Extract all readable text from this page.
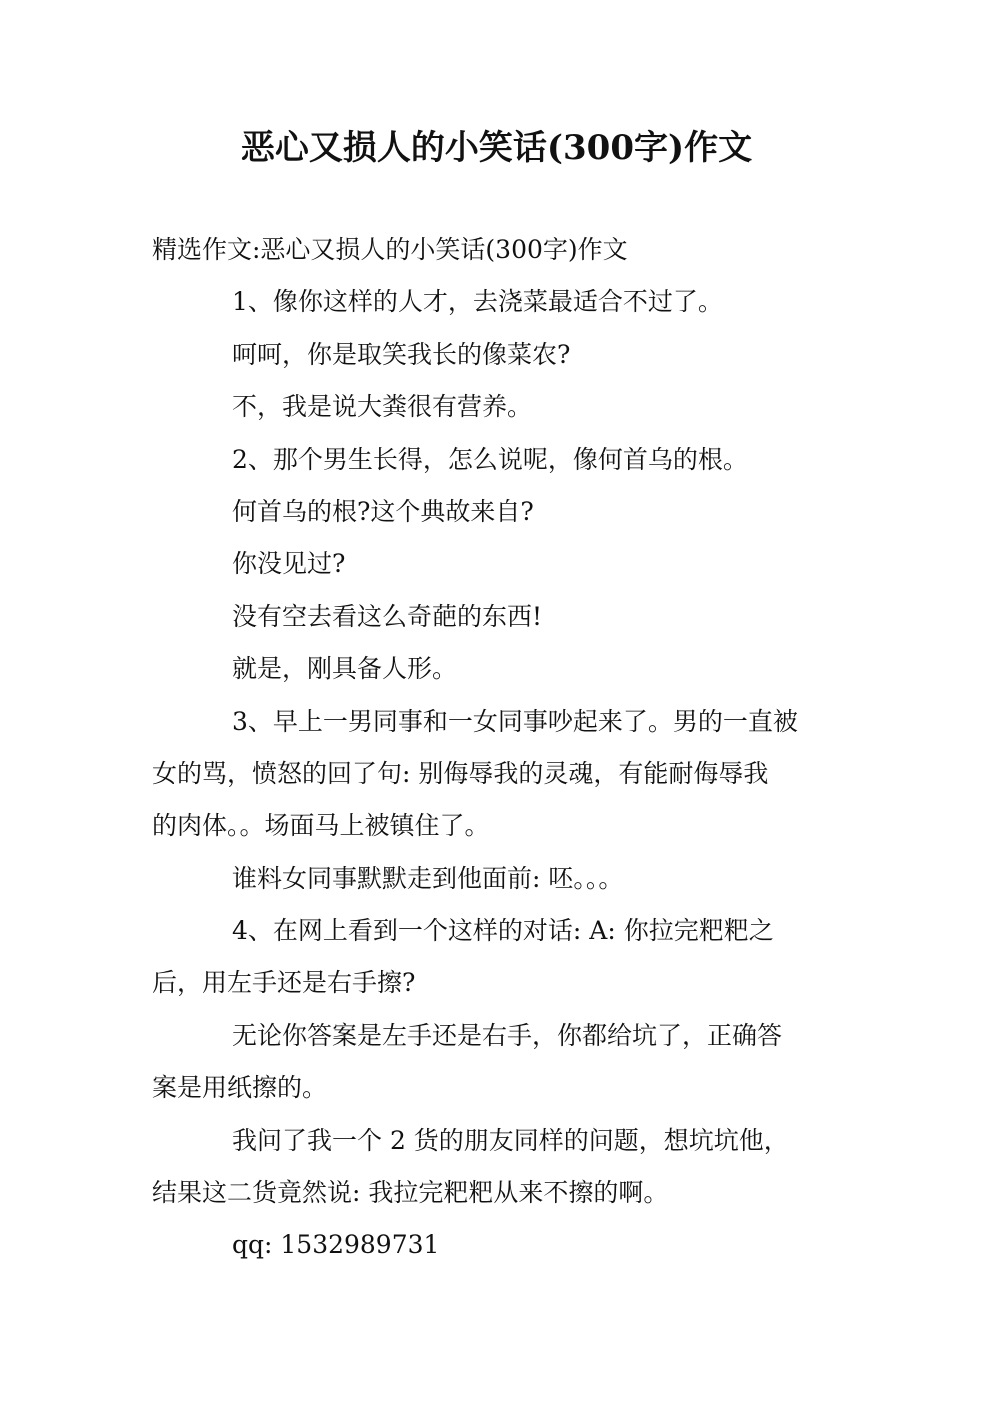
恶心又损人的小笑话(300字)作文
精选作文:恶心又损人的小笑话(300字)作文
1、像你这样的人才，去浇菜最适合不过了。
呵呵，你是取笑我长的像菜农?
不，我是说大粪很有营养。
2、那个男生长得，怎么说呢，像何首乌的根。
何首乌的根?这个典故来自?
你没见过?
没有空去看这么奇葩的东西!
就是，刚具备人形。
3、早上一男同事和一女同事吵起来了。男的一直被
女的骂，愤怒的回了句: 别侮辱我的灵魂，有能耐侮辱我
的肉体。。场面马上被镇住了。
谁料女同事默默走到他面前: 呸。。。
4、在网上看到一个这样的对话: A: 你拉完粑粑之
后，用左手还是右手擦?
无论你答案是左手还是右手，你都给坑了，正确答
案是用纸擦的。
我问了我一个 2 货的朋友同样的问题，想坑坑他，
结果这二货竟然说: 我拉完粑粑从来不擦的啊。
qq: 1532989731
